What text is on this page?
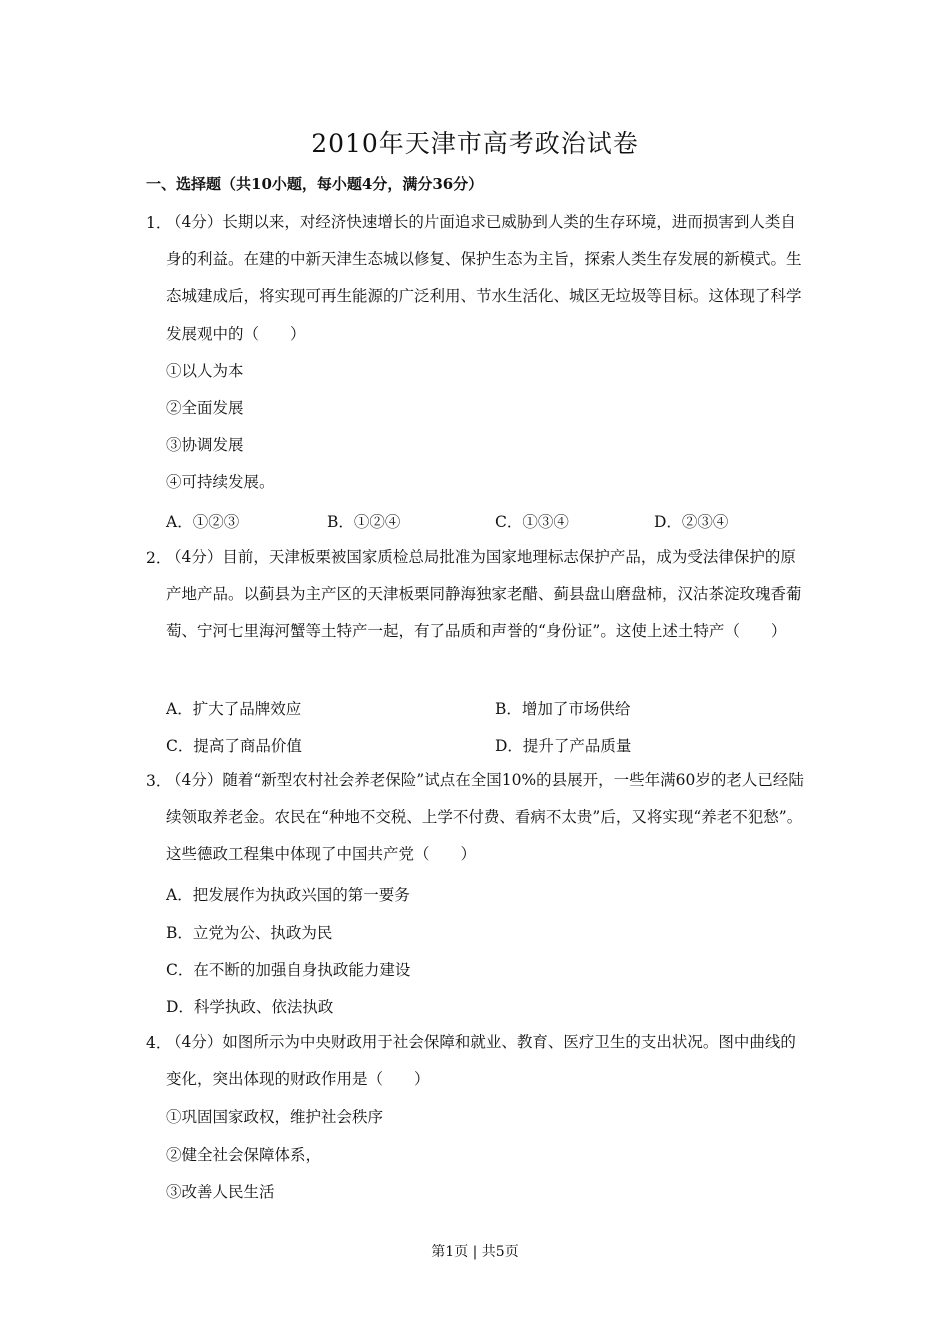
2010年天津市高考政治试卷
一、选择题（共10小题，每小题4分，满分36分）
1．
（4分）长期以来，对经济快速增长的片面追求已威胁到人类的生存环境，进而损害到人类自身的利益。在建的中新天津生态城以修复、保护生态为主旨，探索人类生存发展的新模式。生态城建成后，将实现可再生能源的广泛利用、节水生活化、城区无垃圾等目标。这体现了科学发展观中的（　　）
①以人为本
②全面发展
③协调发展
④可持续发展。
A．①②③	B．①②④	C．①③④	D．②③④
2．
（4分）目前，天津板栗被国家质检总局批准为国家地理标志保护产品，成为受法律保护的原产地产品。以蓟县为主产区的天津板栗同静海独家老醋、蓟县盘山磨盘柿，汉沽茶淀玫瑰香葡萄、宁河七里海河蟹等土特产一起，有了品质和声誉的“身份证”。这使上述土特产（　　）
A．扩大了品牌效应	B．增加了市场供给
C．提高了商品价值	D．提升了产品质量
3．
（4分）随着“新型农村社会养老保险”试点在全国10%的县展开，一些年满60岁的老人已经陆续领取养老金。农民在“种地不交税、上学不付费、看病不太贵”后，又将实现“养老不犯愁”。这些德政工程集中体现了中国共产党（　　）
A．把发展作为执政兴国的第一要务
B．立党为公、执政为民
C．在不断的加强自身执政能力建设
D．科学执政、依法执政
4．
（4分）如图所示为中央财政用于社会保障和就业、教育、医疗卫生的支出状况。图中曲线的变化，突出体现的财政作用是（　　）
①巩固国家政权，维护社会秩序
②健全社会保障体系，
③改善人民生活
第1页 | 共5页
